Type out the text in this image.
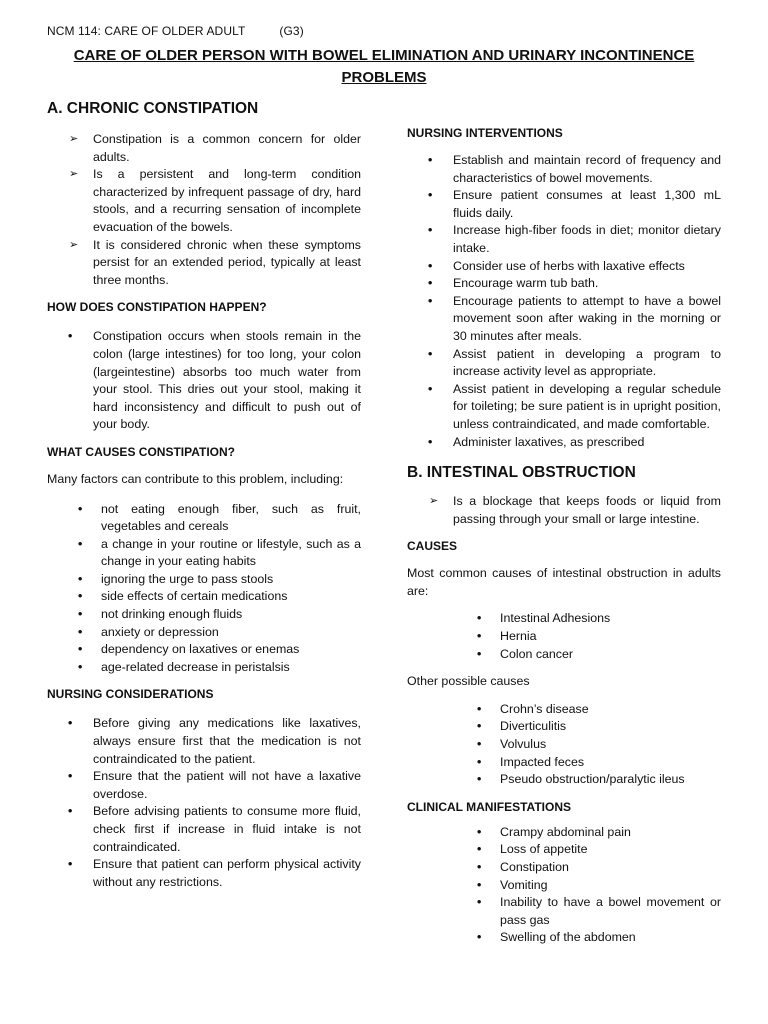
NCM 114: CARE OF OLDER ADULT	(G3)
CARE OF OLDER PERSON WITH BOWEL ELIMINATION AND URINARY INCONTINENCE PROBLEMS
A. CHRONIC CONSTIPATION
➢ Constipation is a common concern for older adults.
➢ Is a persistent and long-term condition characterized by infrequent passage of dry, hard stools, and a recurring sensation of incomplete evacuation of the bowels.
➢ It is considered chronic when these symptoms persist for an extended period, typically at least three months.
HOW DOES CONSTIPATION HAPPEN?
• Constipation occurs when stools remain in the colon (large intestines) for too long, your colon (largeintestine) absorbs too much water from your stool. This dries out your stool, making it hard inconsistency and difficult to push out of your body.
WHAT CAUSES CONSTIPATION?

Many factors can contribute to this problem, including:

• not eating enough fiber, such as fruit, vegetables and cereals
• a change in your routine or lifestyle, such as a change in your eating habits
• ignoring the urge to pass stools
• side effects of certain medications
• not drinking enough fluids
• anxiety or depression
• dependency on laxatives or enemas
• age-related decrease in peristalsis
NURSING CONSIDERATIONS
• Before giving any medications like laxatives, always ensure first that the medication is not contraindicated to the patient.
• Ensure that the patient will not have a laxative overdose.
• Before advising patients to consume more fluid, check first if increase in fluid intake is not contraindicated.
• Ensure that patient can perform physical activity without any restrictions.
NURSING INTERVENTIONS
• Establish and maintain record of frequency and characteristics of bowel movements.
• Ensure patient consumes at least 1,300 mL fluids daily.
• Increase high-fiber foods in diet; monitor dietary intake.
• Consider use of herbs with laxative effects
• Encourage warm tub bath.
• Encourage patients to attempt to have a bowel movement soon after waking in the morning or 30 minutes after meals.
• Assist patient in developing a program to increase activity level as appropriate.
• Assist patient in developing a regular schedule for toileting; be sure patient is in upright position, unless contraindicated, and made comfortable.
• Administer laxatives, as prescribed
B. INTESTINAL OBSTRUCTION
➢ Is a blockage that keeps foods or liquid from passing through your small or large intestine.
CAUSES

Most common causes of intestinal obstruction in adults are:

• Intestinal Adhesions
• Hernia
• Colon cancer

Other possible causes

• Crohn’s disease
• Diverticulitis
• Volvulus
• Impacted feces
• Pseudo obstruction/paralytic ileus
CLINICAL MANIFESTATIONS
• Crampy abdominal pain
• Loss of appetite
• Constipation
• Vomiting
• Inability to have a bowel movement or pass gas
• Swelling of the abdomen
